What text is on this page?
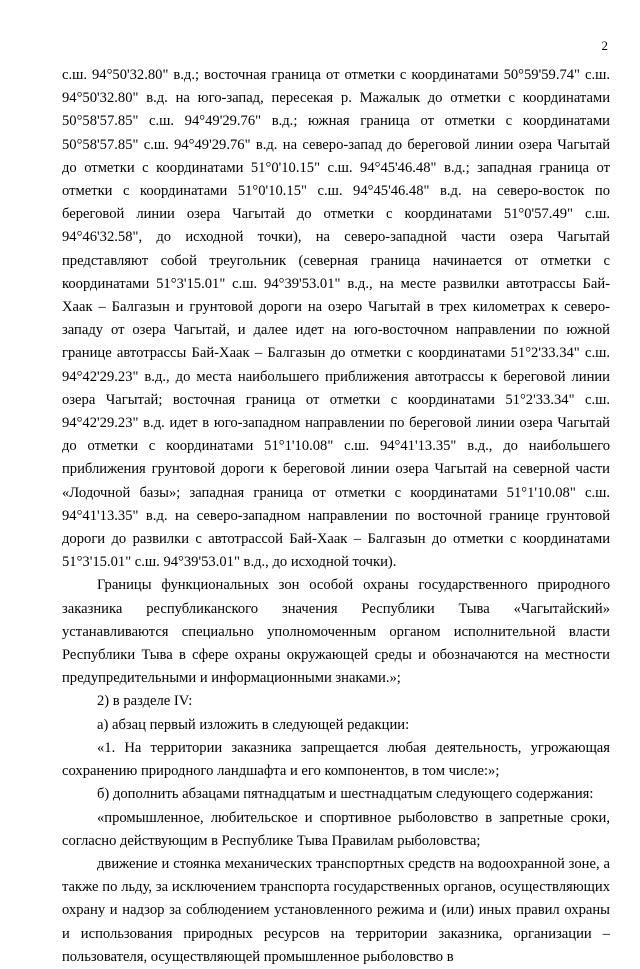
2

с.ш. 94°50'32.80" в.д.; восточная граница от отметки с координатами 50°59'59.74" с.ш. 94°50'32.80" в.д. на юго-запад, пересекая р. Мажалык до отметки с координатами 50°58'57.85" с.ш. 94°49'29.76" в.д.; южная граница от отметки с координатами 50°58'57.85" с.ш. 94°49'29.76" в.д. на северо-запад до береговой линии озера Чагытай до отметки с координатами 51°0'10.15" с.ш. 94°45'46.48" в.д.; западная граница от отметки с координатами 51°0'10.15" с.ш. 94°45'46.48" в.д. на северо-восток по береговой линии озера Чагытай до отметки с координатами 51°0'57.49" с.ш. 94°46'32.58", до исходной точки), на северо-западной части озера Чагытай представляют собой треугольник (северная граница начинается от отметки с координатами 51°3'15.01" с.ш. 94°39'53.01" в.д., на месте развилки автотрассы Бай-Хаак – Балгазын и грунтовой дороги на озеро Чагытай в трех километрах к северо-западу от озера Чагытай, и далее идет на юго-восточном направлении по южной границе автотрассы Бай-Хаак – Балгазын до отметки с координатами 51°2'33.34" с.ш. 94°42'29.23" в.д., до места наибольшего приближения автотрассы к береговой линии озера Чагытай; восточная граница от отметки с координатами 51°2'33.34" с.ш. 94°42'29.23" в.д. идет в юго-западном направлении по береговой линии озера Чагытай до отметки с координатами 51°1'10.08" с.ш. 94°41'13.35" в.д., до наибольшего приближения грунтовой дороги к береговой линии озера Чагытай на северной части «Лодочной базы»; западная граница от отметки с координатами 51°1'10.08" с.ш. 94°41'13.35" в.д. на северо-западном направлении по восточной границе грунтовой дороги до развилки с автотрассой Бай-Хаак – Балгазын до отметки с координатами 51°3'15.01" с.ш. 94°39'53.01" в.д., до исходной точки).

Границы функциональных зон особой охраны государственного природного заказника республиканского значения Республики Тыва «Чагытайский» устанавливаются специально уполномоченным органом исполнительной власти Республики Тыва в сфере охраны окружающей среды и обозначаются на местности предупредительными и информационными знаками.»;

2) в разделе IV:

а) абзац первый изложить в следующей редакции:

«1. На территории заказника запрещается любая деятельность, угрожающая сохранению природного ландшафта и его компонентов, в том числе:»;

б) дополнить абзацами пятнадцатым и шестнадцатым следующего содержания:

«промышленное, любительское и спортивное рыболовство в запретные сроки, согласно действующим в Республике Тыва Правилам рыболовства;

движение и стоянка механических транспортных средств на водоохранной зоне, а также по льду, за исключением транспорта государственных органов, осуществляющих охрану и надзор за соблюдением установленного режима и (или) иных правил охраны и использования природных ресурсов на территории заказника, организации – пользователя, осуществляющей промышленное рыболовство в
